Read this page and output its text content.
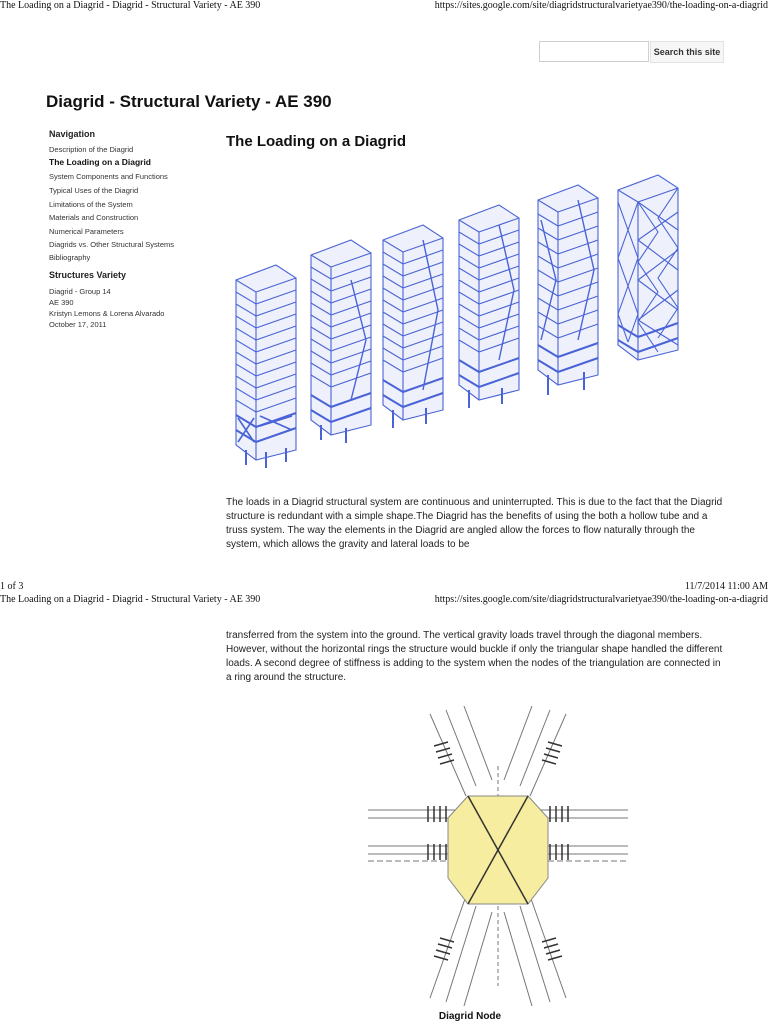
The Loading on a Diagrid - Diagrid - Structural Variety - AE 390	https://sites.google.com/site/diagridstructuralvarietyae390/the-loading-on-a-diagrid
Search this site
Diagrid - Structural Variety - AE 390
Navigation
Description of the Diagrid
The Loading on a Diagrid
System Components and Functions
Typical Uses of the Diagrid
Limitations of the System
Materials and Construction
Numerical Parameters
Diagrids vs. Other Structural Systems
Bibliography
Structures Variety
Diagrid - Group 14
AE 390
Kristyn Lemons & Lorena Alvarado
October 17, 2011
The Loading on a Diagrid
The loads in a Diagrid structural system are continuous and uninterrupted. This is due to the fact that the Diagrid structure is redundant with a simple shape.The Diagrid has the benefits of using the both a hollow tube and a truss system. The way the elements in the Diagrid are angled allow the forces to flow naturally through the system, which allows the gravity and lateral loads to be
1 of 3	11/7/2014 11:00 AM
The Loading on a Diagrid - Diagrid - Structural Variety - AE 390	https://sites.google.com/site/diagridstructuralvarietyae390/the-loading-on-a-diagrid
transferred from the system into the ground. The vertical gravity loads travel through the diagonal members. However, without the horizontal rings the structure would buckle if only the triangular shape handled the different loads. A second degree of stiffness is adding to the system when the nodes of the triangulation are connected in a ring around the structure.
Diagrid Node
